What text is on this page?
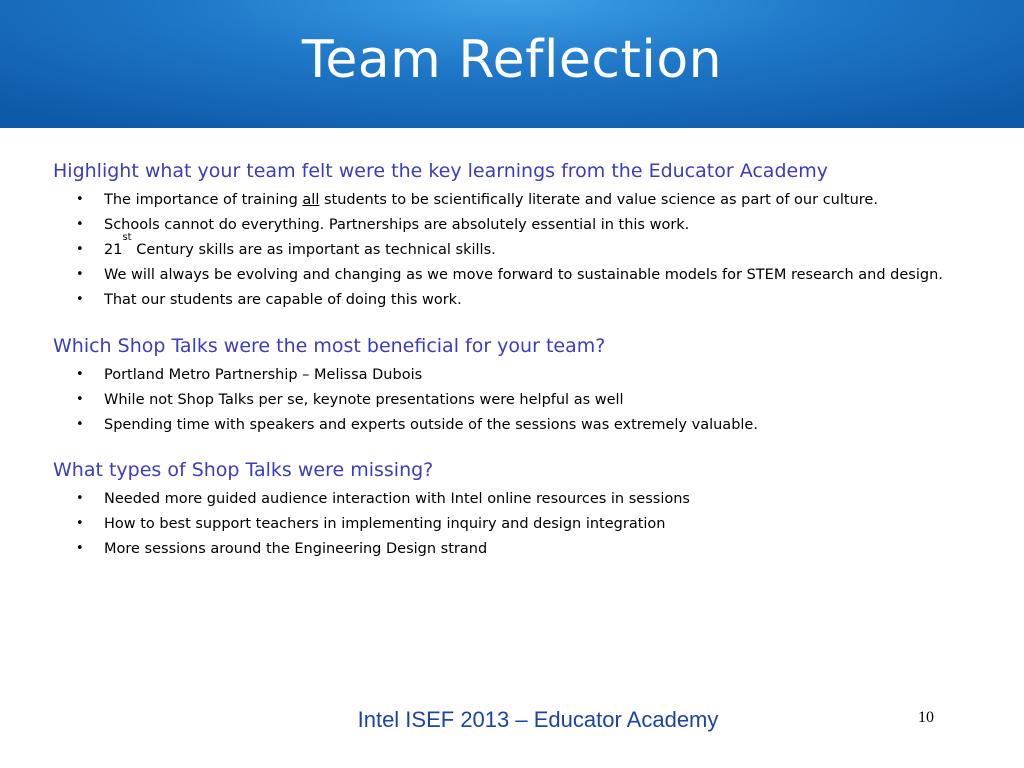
Team Reflection

Highlight what your team felt were the key learnings from the Educator Academy

• The importance of training all students to be scientifically literate and value science as part of our culture.
• Schools cannot do everything. Partnerships are absolutely essential in this work.
• 21st Century skills are as important as technical skills.
• We will always be evolving and changing as we move forward to sustainable models for STEM research and design.
• That our students are capable of doing this work.

Which Shop Talks were the most beneficial for your team?

• Portland Metro Partnership – Melissa Dubois
• While not Shop Talks per se, keynote presentations were helpful as well
• Spending time with speakers and experts outside of the sessions was extremely valuable.

What types of Shop Talks were missing?

• Needed more guided audience interaction with Intel online resources in sessions
• How to best support teachers in implementing inquiry and design integration
• More sessions around the Engineering Design strand
Intel ISEF 2013 – Educator Academy	10
